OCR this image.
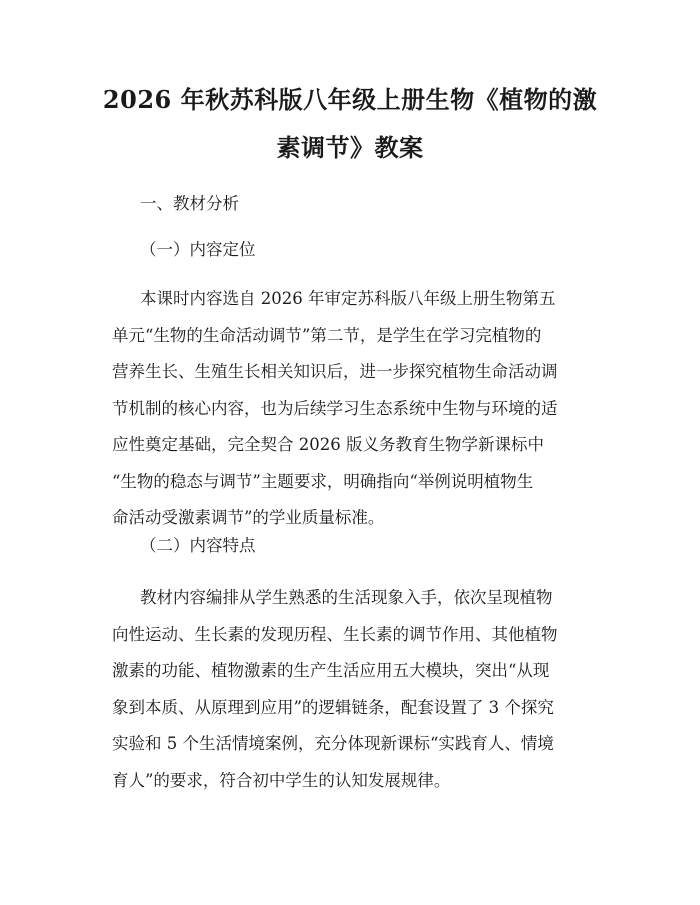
2026 年秋苏科版八年级上册生物《植物的激
素调节》教案
一、教材分析
（一）内容定位
本课时内容选自 2026 年审定苏科版八年级上册生物第五
单元“生物的生命活动调节”第二节，是学生在学习完植物的
营养生长、生殖生长相关知识后，进一步探究植物生命活动调
节机制的核心内容，也为后续学习生态系统中生物与环境的适
应性奠定基础，完全契合 2026 版义务教育生物学新课标中
“生物的稳态与调节”主题要求，明确指向“举例说明植物生
命活动受激素调节”的学业质量标准。
（二）内容特点
教材内容编排从学生熟悉的生活现象入手，依次呈现植物
向性运动、生长素的发现历程、生长素的调节作用、其他植物
激素的功能、植物激素的生产生活应用五大模块，突出“从现
象到本质、从原理到应用”的逻辑链条，配套设置了 3 个探究
实验和 5 个生活情境案例，充分体现新课标“实践育人、情境
育人”的要求，符合初中学生的认知发展规律。
